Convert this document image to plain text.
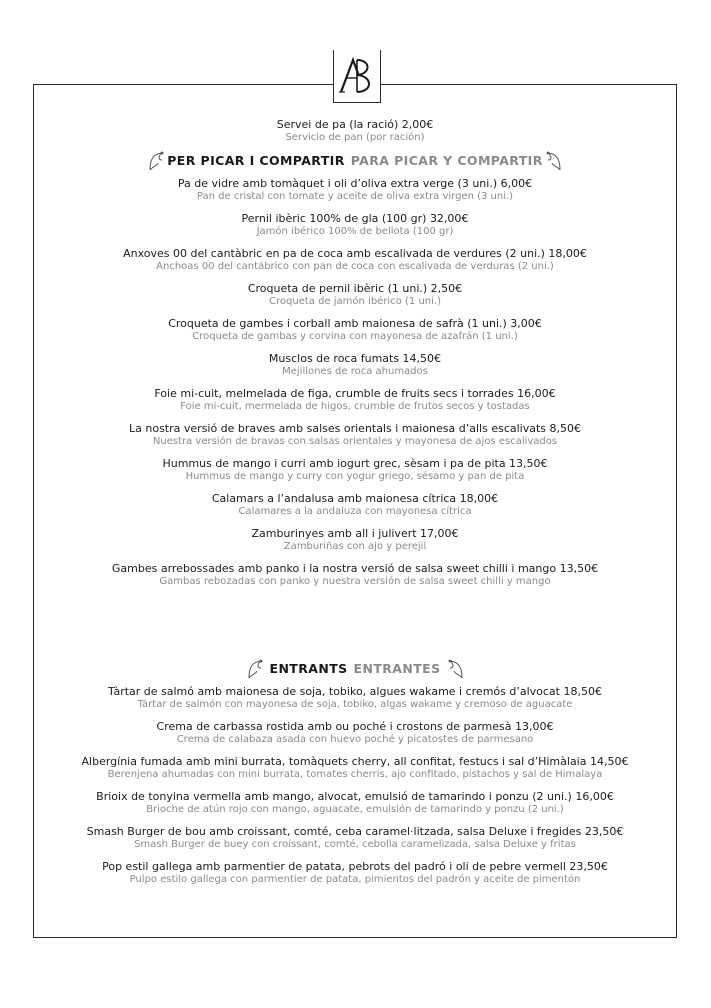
Servei de pa (la ració) 2,00€
Servicio de pan (por ración)
PER PICAR I COMPARTIR PARA PICAR Y COMPARTIR
Pa de vidre amb tomàquet i oli d’oliva extra verge (3 uni.) 6,00€
Pan de cristal con tomate y aceite de oliva extra virgen (3 uni.)
Pernil ibèric 100% de gla (100 gr) 32,00€
Jamón ibérico 100% de bellota (100 gr)
Anxoves 00 del cantàbric en pa de coca amb escalivada de verdures (2 uni.) 18,00€
Anchoas 00 del cantábrico con pan de coca con escalivada de verduras (2 uni.)
Croqueta de pernil ibèric (1 uni.) 2,50€
Croqueta de jamón ibérico (1 uni.)
Croqueta de gambes i corball amb maionesa de safrà (1 uni.) 3,00€
Croqueta de gambas y corvina con mayonesa de azafrán (1 uni.)
Musclos de roca fumats 14,50€
Mejillones de roca ahumados
Foie mi-cuit, melmelada de figa, crumble de fruits secs i torrades 16,00€
Foie mi-cuit, mermelada de higos, crumble de frutos secos y tostadas
La nostra versió de braves amb salses orientals i maionesa d’alls escalivats 8,50€
Nuestra versión de bravas con salsas orientales y mayonesa de ajos escalivados
Hummus de mango i curri amb iogurt grec, sèsam i pa de pita 13,50€
Hummus de mango y curry con yogur griego, sésamo y pan de pita
Calamars a l’andalusa amb maionesa cítrica 18,00€
Calamares a la andaluza con mayonesa cítrica
Zamburinyes amb all i julivert 17,00€
Zamburiñas con ajo y perejil
Gambes arrebossades amb panko i la nostra versió de salsa sweet chilli i mango 13,50€
Gambas rebozadas con panko y nuestra versión de salsa sweet chilli y mango
ENTRANTS ENTRANTES
Tàrtar de salmó amb maionesa de soja, tobiko, algues wakame i cremós d’alvocat 18,50€
Tártar de salmón con mayonesa de soja, tobiko, algas wakame y cremoso de aguacate
Crema de carbassa rostida amb ou poché i crostons de parmesà 13,00€
Crema de calabaza asada con huevo poché y picatostes de parmesano
Albergínia fumada amb mini burrata, tomàquets cherry, all confitat, festucs i sal d’Himàlaia 14,50€
Berenjena ahumadas con mini burrata, tomates cherris, ajo confitado, pistachos y sal de Himalaya
Brioix de tonyina vermella amb mango, alvocat, emulsió de tamarindo i ponzu (2 uni.) 16,00€
Brioche de atún rojo con mango, aguacate, emulsión de tamarindo y ponzu (2 uni.)
Smash Burger de bou amb croissant, comté, ceba caramel·litzada, salsa Deluxe i fregides 23,50€
Smash Burger de buey con croissant, comté, cebolla caramelizada, salsa Deluxe y fritas
Pop estil gallega amb parmentier de patata, pebrots del padró i oli de pebre vermell 23,50€
Pulpo estilo gallega con parmentier de patata, pimientos del padrón y aceite de pimentón
